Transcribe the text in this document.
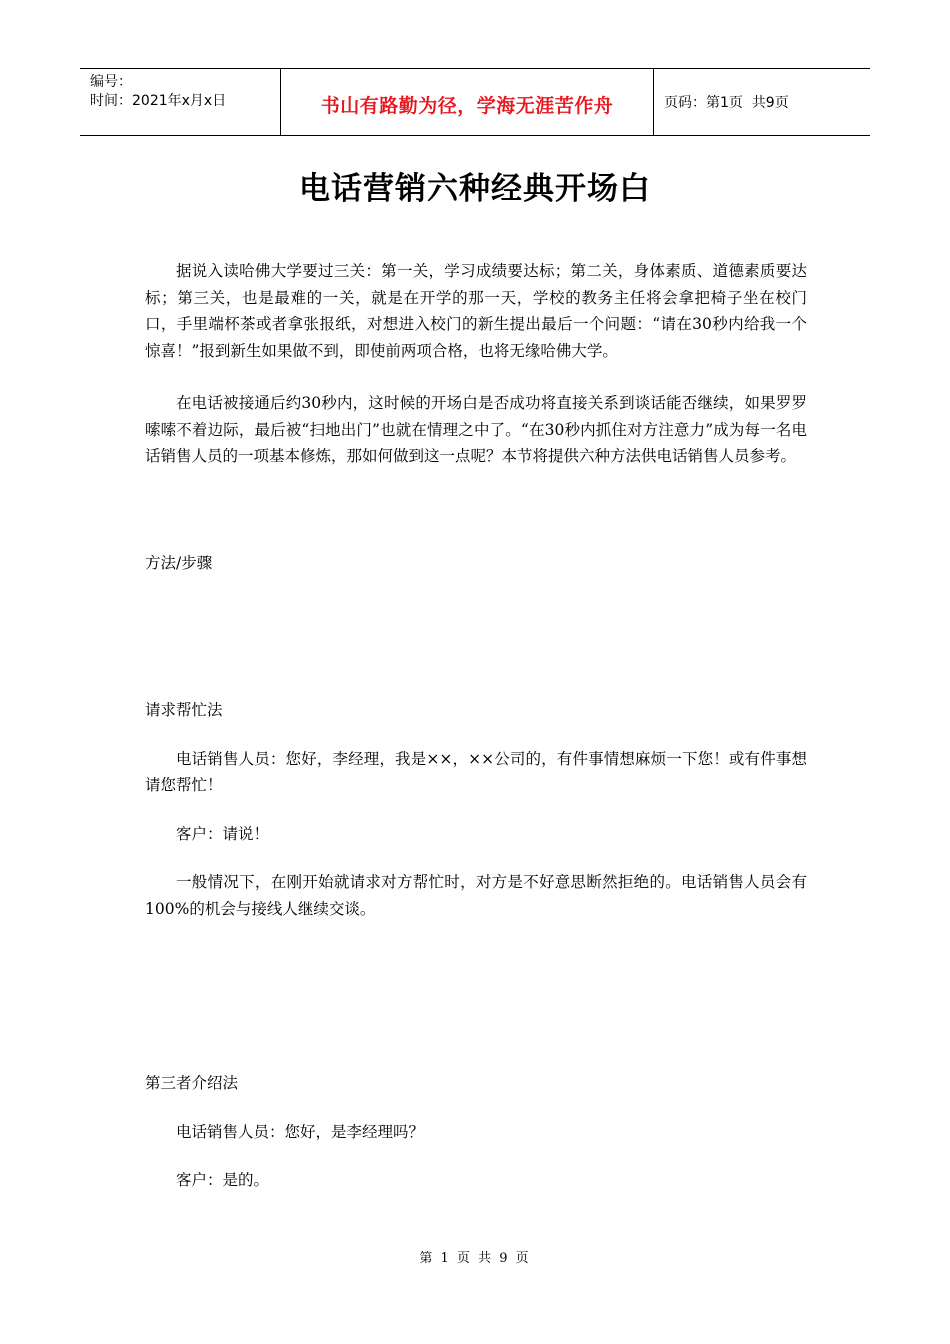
编号：
时间：2021年x月x日	书山有路勤为径，学海无涯苦作舟	页码：第1页  共9页
电话营销六种经典开场白

据说入读哈佛大学要过三关：第一关，学习成绩要达标；第二关，身体素质、道德素质要达标；第三关，也是最难的一关，就是在开学的那一天，学校的教务主任将会拿把椅子坐在校门口，手里端杯茶或者拿张报纸，对想进入校门的新生提出最后一个问题：“请在30秒内给我一个惊喜！”报到新生如果做不到，即使前两项合格，也将无缘哈佛大学。

在电话被接通后约30秒内，这时候的开场白是否成功将直接关系到谈话能否继续，如果罗罗嗦嗦不着边际，最后被“扫地出门”也就在情理之中了。“在30秒内抓住对方注意力”成为每一名电话销售人员的一项基本修炼，那如何做到这一点呢？本节将提供六种方法供电话销售人员参考。

方法/步骤

请求帮忙法

电话销售人员：您好，李经理，我是××，××公司的，有件事情想麻烦一下您！或有件事想请您帮忙！

客户：请说！

一般情况下，在刚开始就请求对方帮忙时，对方是不好意思断然拒绝的。电话销售人员会有100%的机会与接线人继续交谈。

第三者介绍法

电话销售人员：您好，是李经理吗？

客户：是的。

第 1 页 共 9 页
